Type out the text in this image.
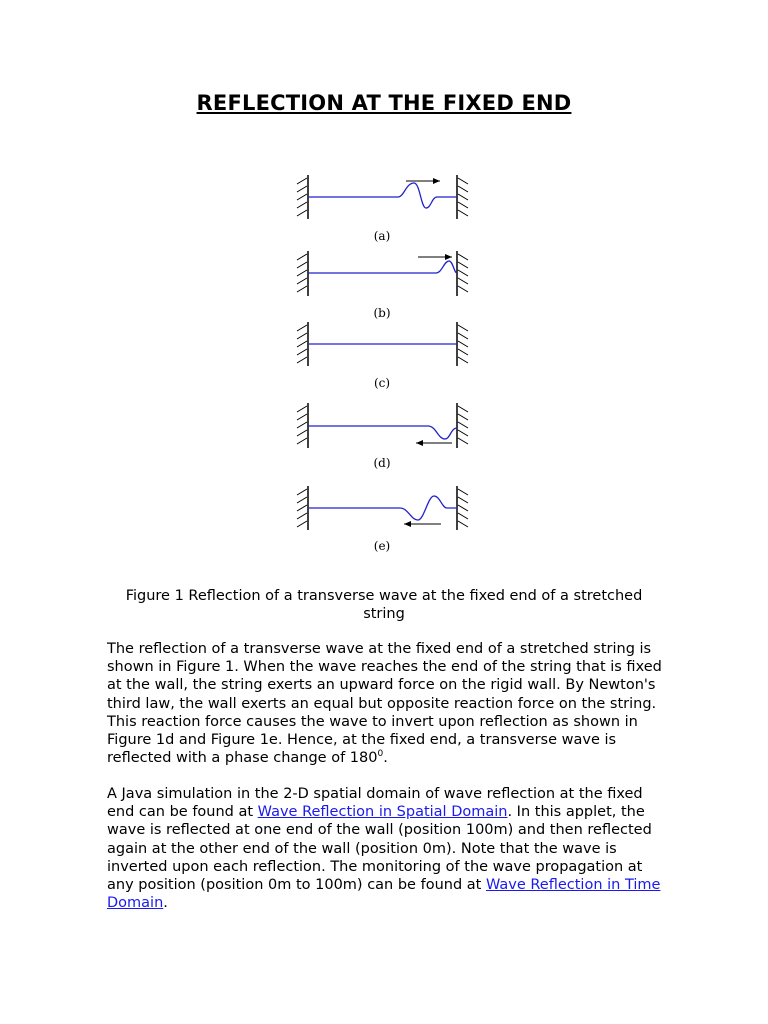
REFLECTION AT THE FIXED END
(a)
(b)
(c)
(d)
(e)
Figure 1 Reflection of a transverse wave at the fixed end of a stretched string

The reflection of a transverse wave at the fixed end of a stretched string is shown in Figure 1. When the wave reaches the end of the string that is fixed at the wall, the string exerts an upward force on the rigid wall. By Newton's third law, the wall exerts an equal but opposite reaction force on the string. This reaction force causes the wave to invert upon reflection as shown in Figure 1d and Figure 1e. Hence, at the fixed end, a transverse wave is reflected with a phase change of $180^0$.

A Java simulation in the 2-D spatial domain of wave reflection at the fixed end can be found at Wave Reflection in Spatial Domain. In this applet, the wave is reflected at one end of the wall (position 100m) and then reflected again at the other end of the wall (position 0m). Note that the wave is inverted upon each reflection. The monitoring of the wave propagation at any position (position 0m to 100m) can be found at Wave Reflection in Time Domain.
